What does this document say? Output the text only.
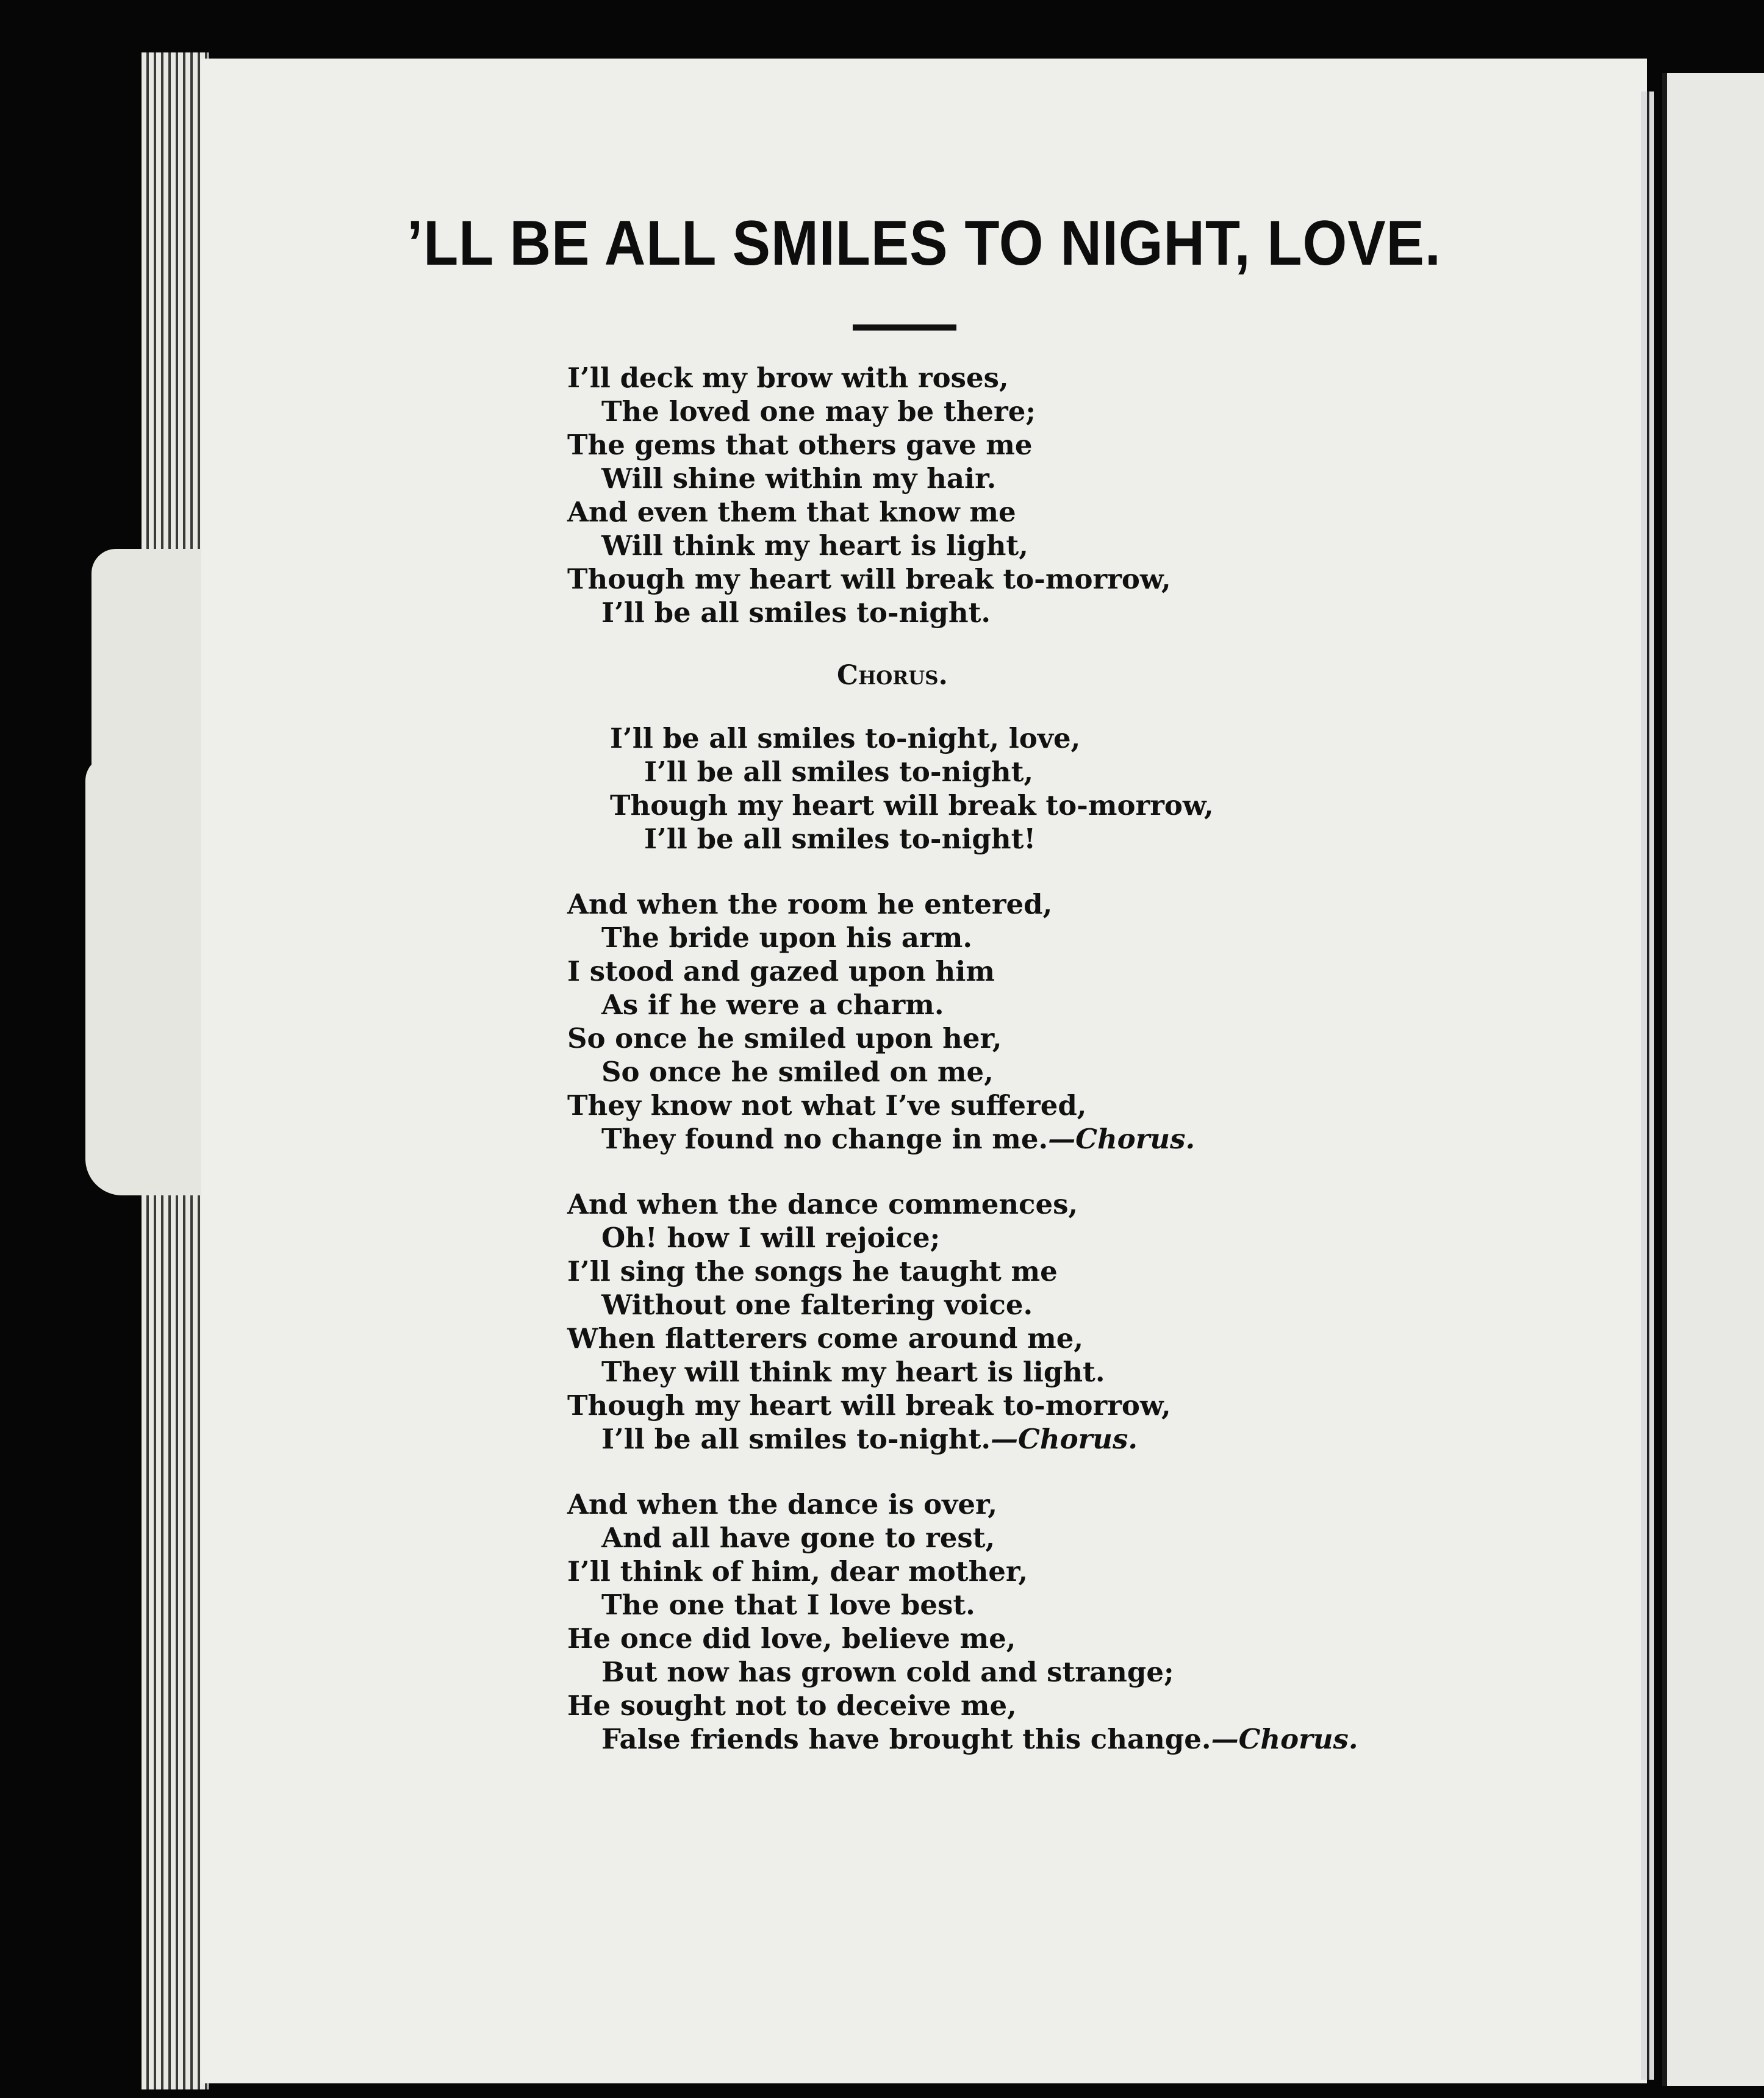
’LL BE ALL SMILES TO NIGHT, LOVE.
I’ll deck my brow with roses,
The loved one may be there;
The gems that others gave me
Will shine within my hair.
And even them that know me
Will think my heart is light,
Though my heart will break to-morrow,
I’ll be all smiles to-night.
Chorus.
I’ll be all smiles to-night, love,
I’ll be all smiles to-night,
Though my heart will break to-morrow,
I’ll be all smiles to-night!
And when the room he entered,
The bride upon his arm.
I stood and gazed upon him
As if he were a charm.
So once he smiled upon her,
So once he smiled on me,
They know not what I’ve suffered,
They found no change in me.—Chorus.
And when the dance commences,
Oh! how I will rejoice;
I’ll sing the songs he taught me
Without one faltering voice.
When flatterers come around me,
They will think my heart is light.
Though my heart will break to-morrow,
I’ll be all smiles to-night.—Chorus.
And when the dance is over,
And all have gone to rest,
I’ll think of him, dear mother,
The one that I love best.
He once did love, believe me,
But now has grown cold and strange;
He sought not to deceive me,
False friends have brought this change.—Chorus.
